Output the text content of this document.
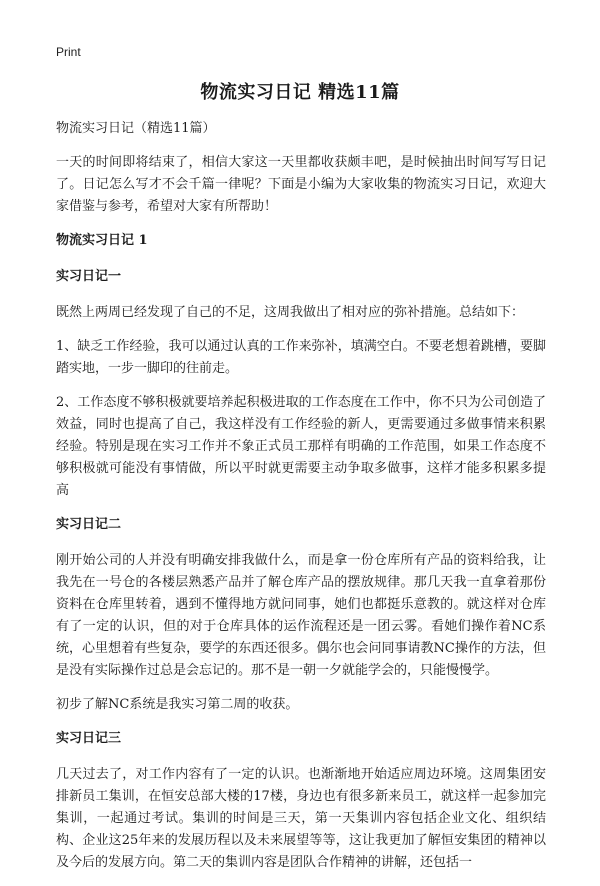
Print
物流实习日记 精选11篇

物流实习日记（精选11篇）

一天的时间即将结束了，相信大家这一天里都收获颇丰吧，是时候抽出时间写写日记了。日记怎么写才不会千篇一律呢？下面是小编为大家收集的物流实习日记，欢迎大家借鉴与参考，希望对大家有所帮助！

物流实习日记 1
实习日记一

既然上两周已经发现了自己的不足，这周我做出了相对应的弥补措施。总结如下：

1、缺乏工作经验，我可以通过认真的工作来弥补，填满空白。不要老想着跳槽，要脚踏实地，一步一脚印的往前走。

2、工作态度不够积极就要培养起积极进取的工作态度在工作中，你不只为公司创造了效益，同时也提高了自己，我这样没有工作经验的新人，更需要通过多做事情来积累经验。特别是现在实习工作并不象正式员工那样有明确的工作范围，如果工作态度不够积极就可能没有事情做，所以平时就更需要主动争取多做事，这样才能多积累多提高

实习日记二

刚开始公司的人并没有明确安排我做什么，而是拿一份仓库所有产品的资料给我，让我先在一号仓的各楼层熟悉产品并了解仓库产品的摆放规律。那几天我一直拿着那份资料在仓库里转着，遇到不懂得地方就问同事，她们也都挺乐意教的。就这样对仓库有了一定的认识，但的对于仓库具体的运作流程还是一团云雾。看她们操作着NC系统，心里想着有些复杂，要学的东西还很多。偶尔也会问同事请教NC操作的方法，但是没有实际操作过总是会忘记的。那不是一朝一夕就能学会的，只能慢慢学。

初步了解NC系统是我实习第二周的收获。

实习日记三

几天过去了，对工作内容有了一定的认识。也渐渐地开始适应周边环境。这周集团安排新员工集训，在恒安总部大楼的17楼，身边也有很多新来员工，就这样一起参加完集训，一起通过考试。集训的时间是三天，第一天集训内容包括企业文化、组织结构、企业这25年来的发展历程以及未来展望等等，这让我更加了解恒安集团的精神以及今后的发展方向。第二天的集训内容是团队合作精神的讲解，还包括一
